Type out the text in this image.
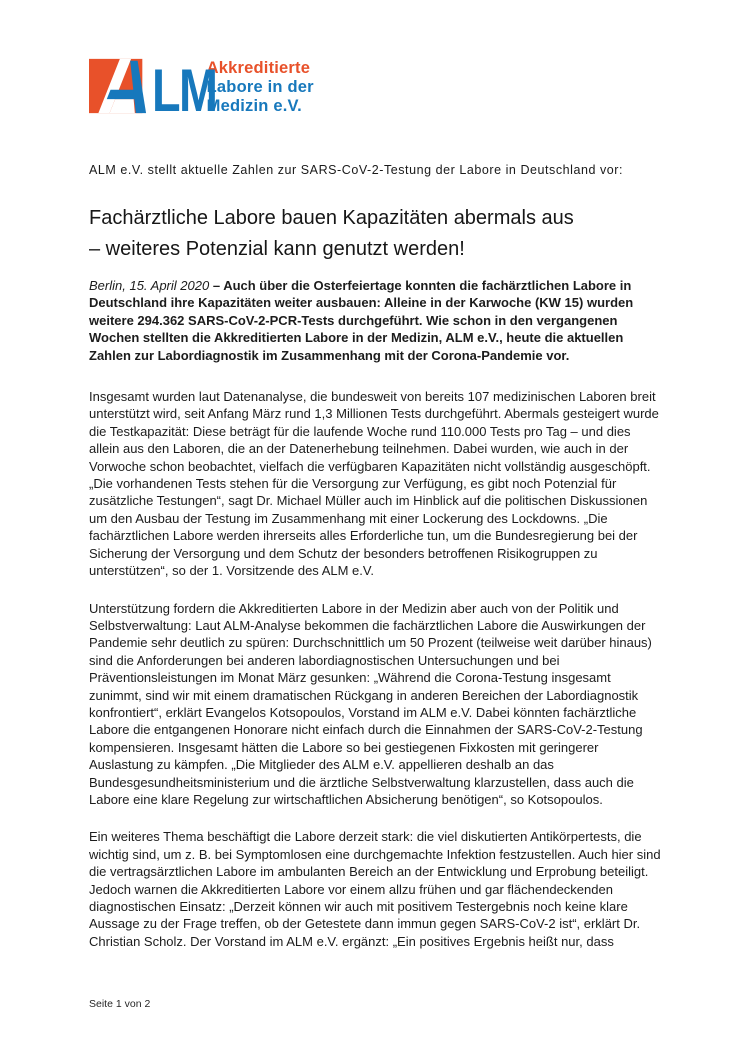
LM
Akkreditierte
Labore in der
Medizin e.V.

ALM e.V. stellt aktuelle Zahlen zur SARS-CoV-2-Testung der Labore in Deutschland vor:

Fachärztliche Labore bauen Kapazitäten abermals aus
– weiteres Potenzial kann genutzt werden!

Berlin, 15. April 2020 – Auch über die Osterfeiertage konnten die fachärztlichen Labore in Deutschland ihre Kapazitäten weiter ausbauen: Alleine in der Karwoche (KW 15) wurden weitere 294.362 SARS-CoV-2-PCR-Tests durchgeführt. Wie schon in den vergangenen Wochen stellten die Akkreditierten Labore in der Medizin, ALM e.V., heute die aktuellen Zahlen zur Labordiagnostik im Zusammenhang mit der Corona-Pandemie vor.

Insgesamt wurden laut Datenanalyse, die bundesweit von bereits 107 medizinischen Laboren breit unterstützt wird, seit Anfang März rund 1,3 Millionen Tests durchgeführt. Abermals gesteigert wurde die Testkapazität: Diese beträgt für die laufende Woche rund 110.000 Tests pro Tag – und dies allein aus den Laboren, die an der Datenerhebung teilnehmen. Dabei wurden, wie auch in der Vorwoche schon beobachtet, vielfach die verfügbaren Kapazitäten nicht vollständig ausgeschöpft. „Die vorhandenen Tests stehen für die Versorgung zur Verfügung, es gibt noch Potenzial für zusätzliche Testungen“, sagt Dr. Michael Müller auch im Hinblick auf die politischen Diskussionen um den Ausbau der Testung im Zusammenhang mit einer Lockerung des Lockdowns. „Die fachärztlichen Labore werden ihrerseits alles Erforderliche tun, um die Bundesregierung bei der Sicherung der Versorgung und dem Schutz der besonders betroffenen Risikogruppen zu unterstützen“, so der 1. Vorsitzende des ALM e.V.

Unterstützung fordern die Akkreditierten Labore in der Medizin aber auch von der Politik und Selbstverwaltung: Laut ALM-Analyse bekommen die fachärztlichen Labore die Auswirkungen der Pandemie sehr deutlich zu spüren: Durchschnittlich um 50 Prozent (teilweise weit darüber hinaus) sind die Anforderungen bei anderen labordiagnostischen Untersuchungen und bei Präventionsleistungen im Monat März gesunken: „Während die Corona-Testung insgesamt zunimmt, sind wir mit einem dramatischen Rückgang in anderen Bereichen der Labordiagnostik konfrontiert“, erklärt Evangelos Kotsopoulos, Vorstand im ALM e.V. Dabei könnten fachärztliche Labore die entgangenen Honorare nicht einfach durch die Einnahmen der SARS-CoV-2-Testung kompensieren. Insgesamt hätten die Labore so bei gestiegenen Fixkosten mit geringerer Auslastung zu kämpfen. „Die Mitglieder des ALM e.V. appellieren deshalb an das Bundesgesundheitsministerium und die ärztliche Selbstverwaltung klarzustellen, dass auch die Labore eine klare Regelung zur wirtschaftlichen Absicherung benötigen“, so Kotsopoulos.

Ein weiteres Thema beschäftigt die Labore derzeit stark: die viel diskutierten Antikörpertests, die wichtig sind, um z. B. bei Symptomlosen eine durchgemachte Infektion festzustellen. Auch hier sind die vertragsärztlichen Labore im ambulanten Bereich an der Entwicklung und Erprobung beteiligt. Jedoch warnen die Akkreditierten Labore vor einem allzu frühen und gar flächendeckenden diagnostischen Einsatz: „Derzeit können wir auch mit positivem Testergebnis noch keine klare Aussage zu der Frage treffen, ob der Getestete dann immun gegen SARS-CoV-2 ist“, erklärt Dr. Christian Scholz. Der Vorstand im ALM e.V. ergänzt: „Ein positives Ergebnis heißt nur, dass

Seite 1 von 2
